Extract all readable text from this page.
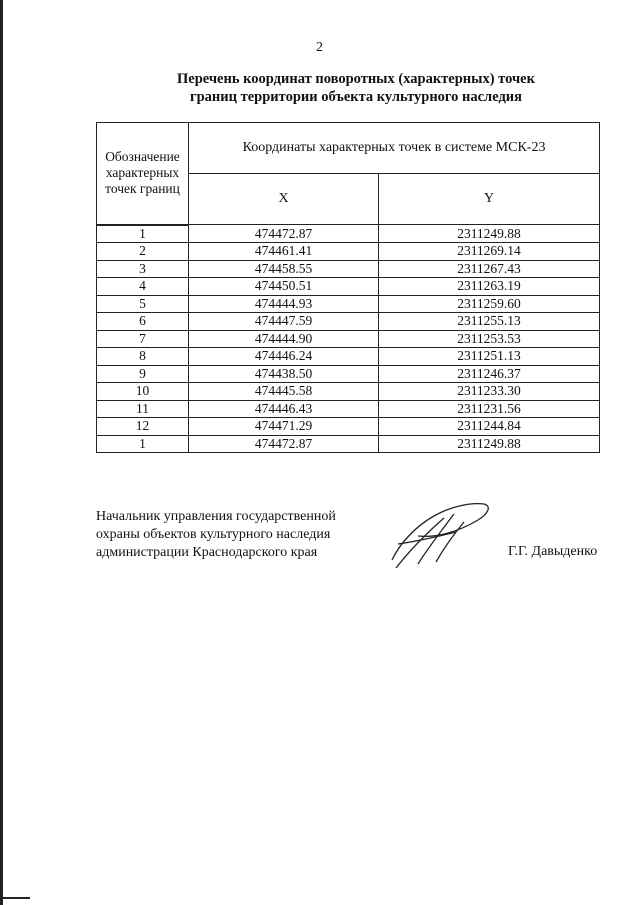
2
Перечень координат поворотных (характерных) точек
границ территории объекта культурного наследия
Обозначение
характерных
точек границ	Координаты характерных точек в системе МСК-23	
	X	Y
1	474472.87	2311249.88
2	474461.41	2311269.14
3	474458.55	2311267.43
4	474450.51	2311263.19
5	474444.93	2311259.60
6	474447.59	2311255.13
7	474444.90	2311253.53
8	474446.24	2311251.13
9	474438.50	2311246.37
10	474445.58	2311233.30
11	474446.43	2311231.56
12	474471.29	2311244.84
1	474472.87	2311249.88
Начальник управления государственной
охраны объектов культурного наследия
администрации Краснодарского края	Г.Г. Давыденко
